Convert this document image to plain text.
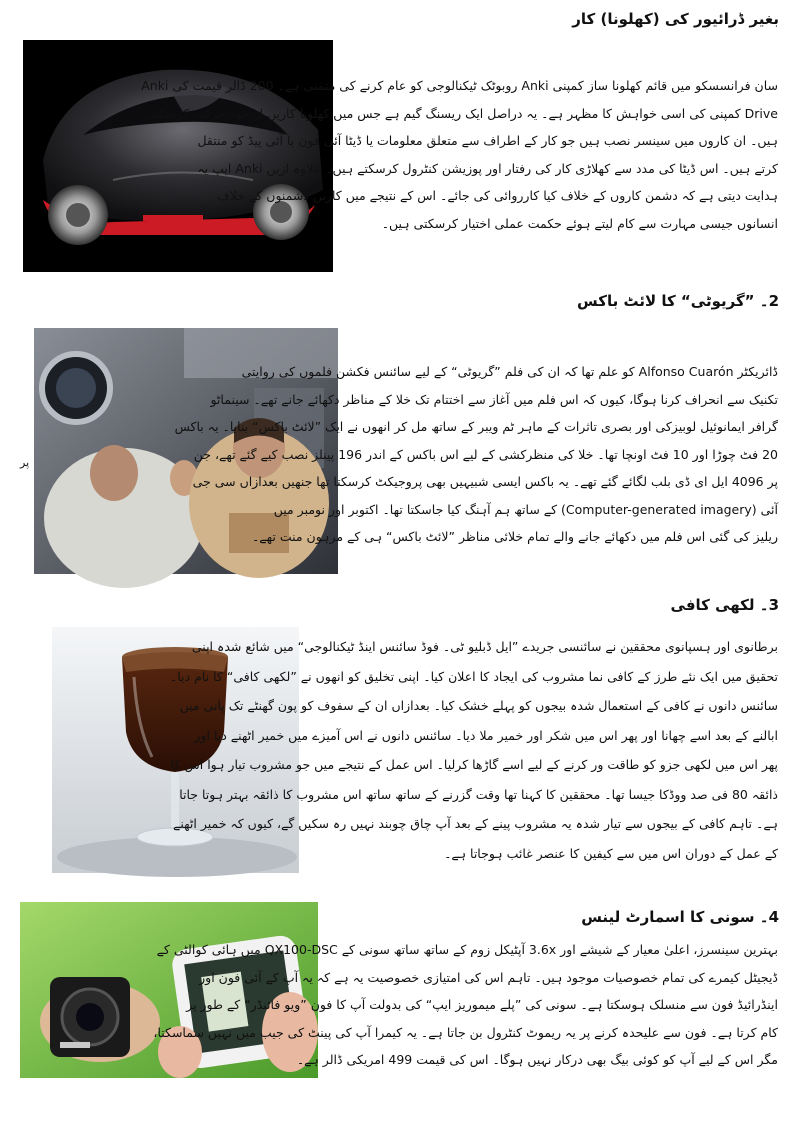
بغیر ڈرائیور کی (کھلونا) کار
سان فرانسسکو میں قائم کھلونا ساز کمپنی Anki روبوٹک ٹیکنالوجی کو عام کرنے کی متمنی ہے۔ 200 ڈالر قیمت کی Anki
Drive کمپنی کی اسی خواہش کا مظہر ہے۔ یہ دراصل ایک ریسنگ گیم ہے جس میں کھلونا کاریں از خود حرکت کرسکتی
ہیں۔ ان کاروں میں سینسر نصب ہیں جو کار کے اطراف سے متعلق معلومات یا ڈیٹا آئی فون یا آئی پیڈ کو منتقل
کرتے ہیں۔ اس ڈیٹا کی مدد سے کھلاڑی کار کی رفتار اور پوزیشن کنٹرول کرسکتے ہیں۔ علاوہ ازیں Anki ایپ یہ
ہدایت دیتی ہے کہ دشمن کاروں کے خلاف کیا کارروائی کی جائے۔ اس کے نتیجے میں کاریں دشمنوں کے خلاف
انسانوں جیسی مہارت سے کام لیتے ہوئے حکمت عملی اختیار کرسکتی ہیں۔
2۔ ”گریوٹی“ کا لائٹ باکس
پر
ڈائریکٹر Alfonso Cuarón کو علم تھا کہ ان کی فلم ”گریوٹی“ کے لیے سائنس فکشن فلموں کی روایتی
تکنیک سے انحراف کرنا ہوگا، کیوں کہ اس فلم میں آغاز سے اختتام تک خلا کے مناظر دکھائے جانے تھے۔ سینماٹو
گرافر ایمانوئیل لوبیزکی اور بصری تاثرات کے ماہر ٹم ویبر کے ساتھ مل کر انھوں نے ایک ”لائٹ باکس“ بنایا۔ یہ باکس
20 فٹ چوڑا اور 10 فٹ اونچا تھا۔ خلا کی منظرکشی کے لیے اس باکس کے اندر 196 پینلز نصب کیے گئے تھے، جن
پر 4096 ایل ای ڈی بلب لگائے گئے تھے۔ یہ باکس ایسی شبیہیں بھی پروجیکٹ کرسکتا تھا جنھیں بعدازاں سی جی
آئی (Computer-generated imagery) کے ساتھ ہم آہنگ کیا جاسکتا تھا۔ اکتوبر اور نومبر میں
ریلیز کی گئی اس فلم میں دکھائے جانے والے تمام خلائی مناظر ”لائٹ باکس“ ہی کے مرہون منت تھے۔
3۔ لکھی کافی
برطانوی اور ہسپانوی محققین نے سائنسی جریدے ”ایل ڈبلیو ٹی۔ فوڈ سائنس اینڈ ٹیکنالوجی“ میں شائع شدہ اپنی
تحقیق میں ایک نئے طرز کے کافی نما مشروب کی ایجاد کا اعلان کیا۔ اپنی تخلیق کو انھوں نے ”لکھی کافی“ کا نام دیا۔
سائنس دانوں نے کافی کے استعمال شدہ بیجوں کو پہلے خشک کیا۔ بعدازاں ان کے سفوف کو پون گھنٹے تک پانی میں
ابالنے کے بعد اسے چھانا اور پھر اس میں شکر اور خمیر ملا دیا۔ سائنس دانوں نے اس آمیزے میں خمیر اٹھنے دیا اور
پھر اس میں لکھی جزو کو طاقت ور کرنے کے لیے اسے گاڑھا کرلیا۔ اس عمل کے نتیجے میں جو مشروب تیار ہوا اس کا
ذائقہ 80 فی صد ووڈکا جیسا تھا۔ محققین کا کہنا تھا وقت گزرنے کے ساتھ ساتھ اس مشروب کا ذائقہ بہتر ہوتا جاتا
ہے۔ تاہم کافی کے بیجوں سے تیار شدہ یہ مشروب پینے کے بعد آپ چاق چوبند نہیں رہ سکیں گے، کیوں کہ خمیر اٹھنے
کے عمل کے دوران اس میں سے کیفین کا عنصر غائب ہوجاتا ہے۔
4۔ سونی کا اسمارٹ لینس
بہترین سینسرز، اعلیٰ معیار کے شیشے اور 3.6x آپٹیکل زوم کے ساتھ ساتھ سونی کے QX100-DSC میں ہائی کوالٹی کے
ڈیجیٹل کیمرے کی تمام خصوصیات موجود ہیں۔ تاہم اس کی امتیازی خصوصیت یہ ہے کہ یہ آپ کے آئی فون اور
اینڈرائیڈ فون سے منسلک ہوسکتا ہے۔ سونی کی ”پلے میموریز ایپ“ کی بدولت آپ کا فون ”ویو فائنڈر“ کے طور پر
کام کرتا ہے۔ فون سے علیحدہ کرنے پر یہ ریموٹ کنٹرول بن جاتا ہے۔ یہ کیمرا آپ کی پینٹ کی جیب میں نہیں سماسکتا،
مگر اس کے لیے آپ کو کوئی بیگ بھی درکار نہیں ہوگا۔ اس کی قیمت 499 امریکی ڈالر ہے۔
